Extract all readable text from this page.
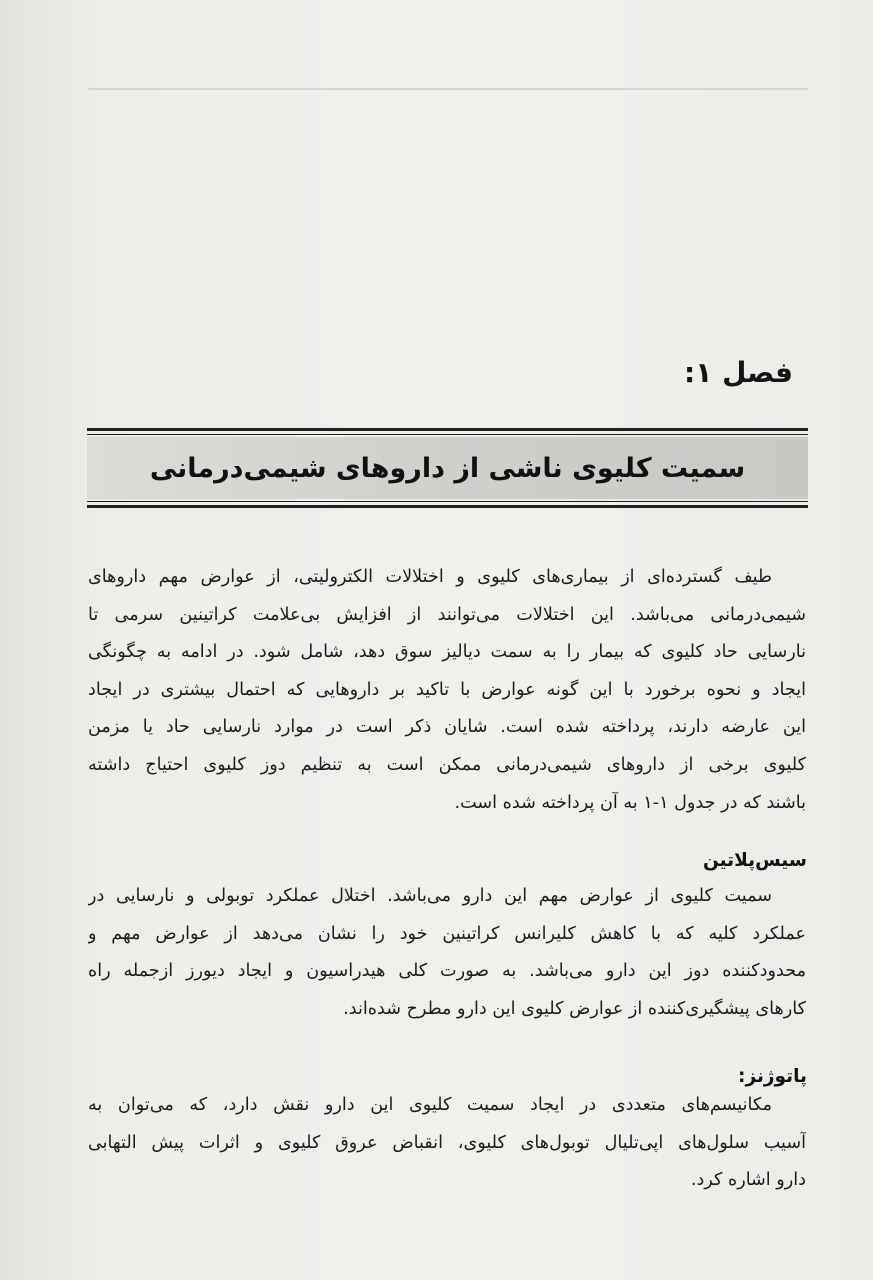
فصل ۱:
سمیت کلیوی ناشی از داروهای شیمی‌درمانی
طیف گسترده‌ای از بیماری‌های کلیوی و اختلالات الکترولیتی، از عوارض مهم داروهای
شیمی‌درمانی می‌باشد. این اختلالات می‌توانند از افزایش بی‌علامت کراتینین سرمی تا
نارسایی حاد کلیوی که بیمار را به سمت دیالیز سوق دهد، شامل شود. در ادامه به چگونگی
ایجاد و نحوه برخورد با این گونه عوارض با تاکید بر داروهایی که احتمال بیشتری در ایجاد
این عارضه دارند، پرداخته شده است. شایان ذکر است در موارد نارسایی حاد یا مزمن
کلیوی برخی از داروهای شیمی‌درمانی ممکن است به تنظیم دوز کلیوی احتیاج داشته
باشند که در جدول ۱-۱ به آن پرداخته شده است.
سیس‌پلاتین
سمیت کلیوی از عوارض مهم این دارو می‌باشد. اختلال عملکرد توبولی و نارسایی در
عملکرد کلیه که با کاهش کلیرانس کراتینین خود را نشان می‌دهد از عوارض مهم و
محدودکننده دوز این دارو می‌باشد. به صورت کلی هیدراسیون و ایجاد دیورز ازجمله راه
کارهای پیشگیری‌کننده از عوارض کلیوی این دارو مطرح شده‌اند.
پاتوژنز:
مکانیسم‌های متعددی در ایجاد سمیت کلیوی این دارو نقش دارد، که می‌توان به
آسیب سلول‌های اپی‌تلیال توبول‌های کلیوی، انقباض عروق کلیوی و اثرات پیش التهابی
دارو اشاره کرد.
